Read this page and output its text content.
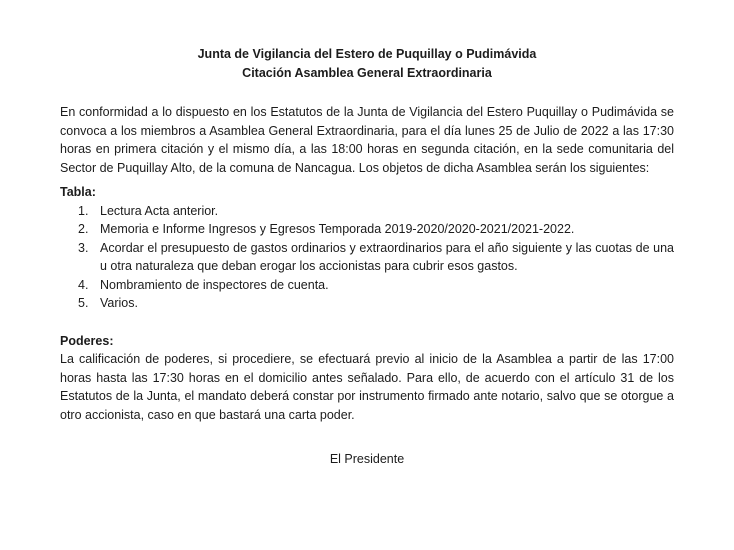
Junta de Vigilancia del Estero de Puquillay o Pudimávida
Citación Asamblea General Extraordinaria

En conformidad a lo dispuesto en los Estatutos de la Junta de Vigilancia del Estero Puquillay o Pudimávida se convoca a los miembros a Asamblea General Extraordinaria, para el día lunes 25 de Julio de 2022 a las 17:30 horas en primera citación y el mismo día, a las 18:00 horas en segunda citación, en la sede comunitaria del Sector de Puquillay Alto, de la comuna de Nancagua. Los objetos de dicha Asamblea serán los siguientes:

Tabla:

Lectura Acta anterior.
Memoria e Informe Ingresos y Egresos Temporada 2019-2020/2020-2021/2021-2022.
Acordar el presupuesto de gastos ordinarios y extraordinarios para el año siguiente y las cuotas de una u otra naturaleza que deban erogar los accionistas para cubrir esos gastos.
Nombramiento de inspectores de cuenta.
Varios.

Poderes:

La calificación de poderes, si procediere, se efectuará previo al inicio de la Asamblea a partir de las 17:00 horas hasta las 17:30 horas en el domicilio antes señalado. Para ello, de acuerdo con el artículo 31 de los Estatutos de la Junta, el mandato deberá constar por instrumento firmado ante notario, salvo que se otorgue a otro accionista, caso en que bastará una carta poder.

El Presidente
